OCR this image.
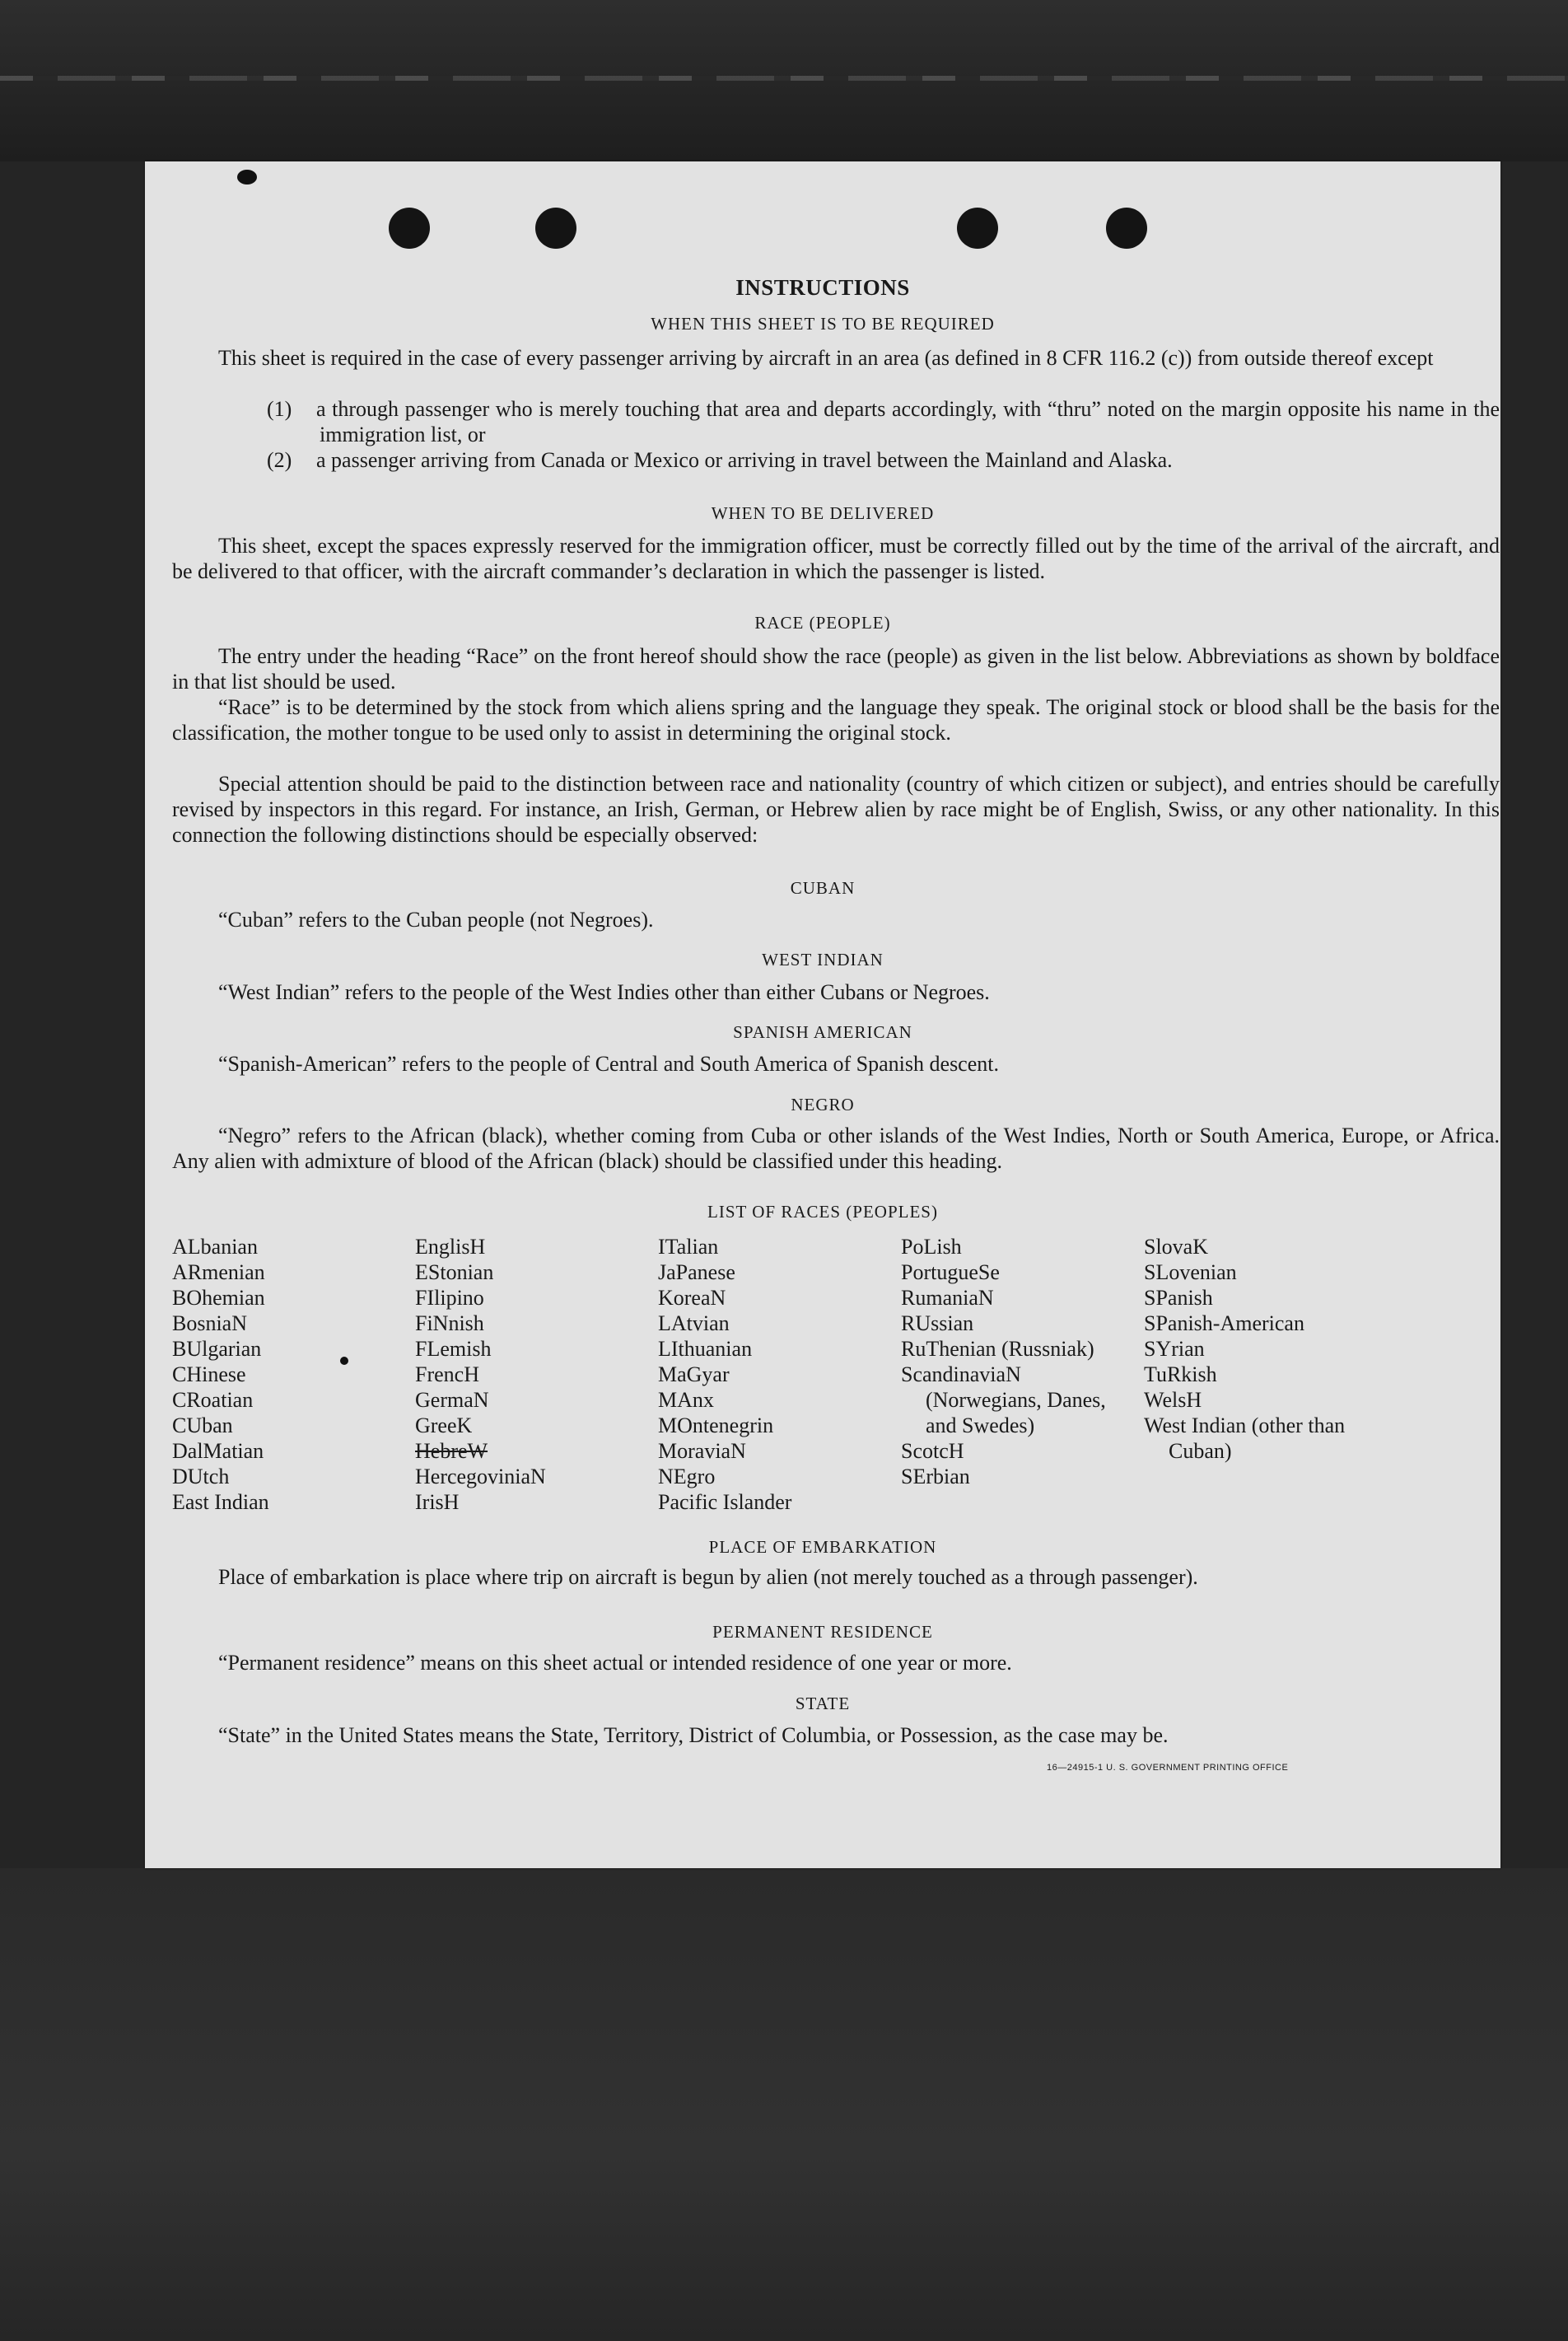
INSTRUCTIONS
WHEN THIS SHEET IS TO BE REQUIRED
This sheet is required in the case of every passenger arriving by aircraft in an area (as defined in 8 CFR 116.2 (c)) from outside thereof except
(1) a through passenger who is merely touching that area and departs accordingly, with “thru” noted on the margin opposite his name in the immigration list, or
(2) a passenger arriving from Canada or Mexico or arriving in travel between the Mainland and Alaska.
WHEN TO BE DELIVERED
This sheet, except the spaces expressly reserved for the immigration officer, must be correctly filled out by the time of the arrival of the aircraft, and be delivered to that officer, with the aircraft commander’s declaration in which the passenger is listed.
RACE (PEOPLE)
The entry under the heading “Race” on the front hereof should show the race (people) as given in the list below. Abbreviations as shown by boldface in that list should be used.
“Race” is to be determined by the stock from which aliens spring and the language they speak. The original stock or blood shall be the basis for the classification, the mother tongue to be used only to assist in determining the original stock.
Special attention should be paid to the distinction between race and nationality (country of which citizen or subject), and entries should be carefully revised by inspectors in this regard. For instance, an Irish, German, or Hebrew alien by race might be of English, Swiss, or any other nationality. In this connection the following distinctions should be especially observed:
CUBAN
“Cuban” refers to the Cuban people (not Negroes).
WEST INDIAN
“West Indian” refers to the people of the West Indies other than either Cubans or Negroes.
SPANISH AMERICAN
“Spanish-American” refers to the people of Central and South America of Spanish descent.
NEGRO
“Negro” refers to the African (black), whether coming from Cuba or other islands of the West Indies, North or South America, Europe, or Africa. Any alien with admixture of blood of the African (black) should be classified under this heading.
LIST OF RACES (PEOPLES)
ALbanian
ARmenian
BOhemian
BosniaN
BUlgarian
CHinese
CRoatian
CUban
DalMatian
DUtch
East Indian
EnglisH
EStonian
FIlipino
FiNnish
FLemish
FrencH
GermaN
GreeK
HebreW
HercegoviniaN
IrisH
ITalian
JaPanese
KoreaN
LAtvian
LIthuanian
MaGyar
MAnx
MOntenegrin
MoraviaN
NEgro
Pacific Islander
PoLish
PortugueSe
RumaniaN
RUssian
RuThenian (Russniak)
ScandinaviaN (Norwegians, Danes, and Swedes)
ScotcH
SErbian
SlovaK
SLovenian
SPanish
SPanish-American
SYrian
TuRkish
WelsH
West Indian (other than Cuban)
PLACE OF EMBARKATION
Place of embarkation is place where trip on aircraft is begun by alien (not merely touched as a through passenger).
PERMANENT RESIDENCE
“Permanent residence” means on this sheet actual or intended residence of one year or more.
STATE
“State” in the United States means the State, Territory, District of Columbia, or Possession, as the case may be.
16—24915-1 U. S. GOVERNMENT PRINTING OFFICE
